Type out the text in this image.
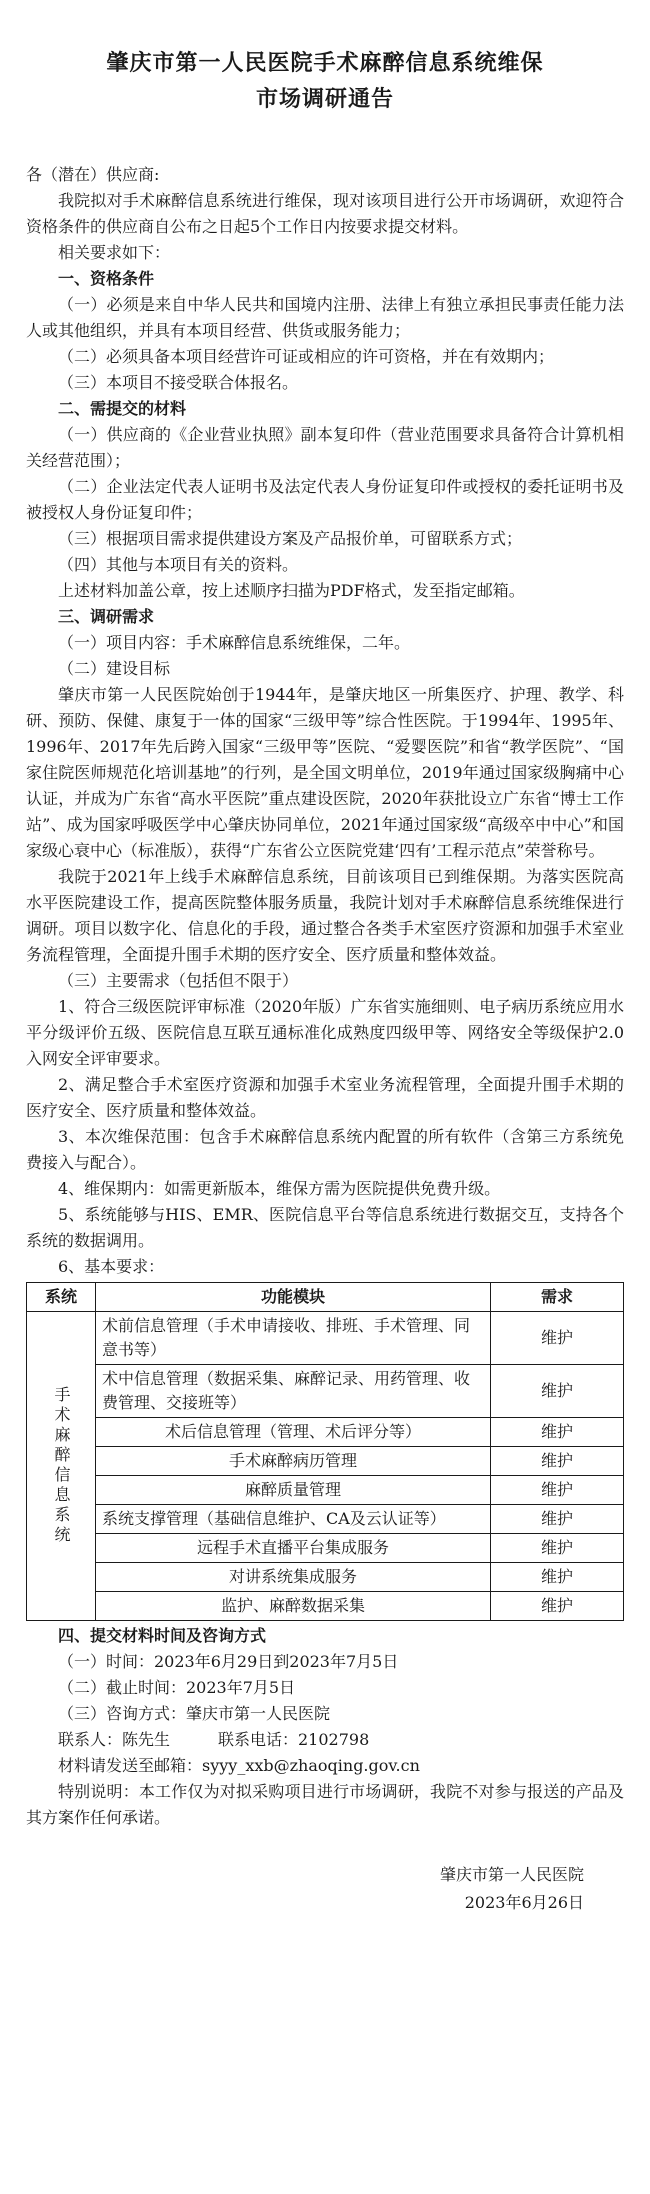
肇庆市第一人民医院手术麻醉信息系统维保
市场调研通告

各（潜在）供应商:

我院拟对手术麻醉信息系统进行维保，现对该项目进行公开市场调研，欢迎符合资格条件的供应商自公布之日起5个工作日内按要求提交材料。

相关要求如下：

一、资格条件

（一）必须是来自中华人民共和国境内注册、法律上有独立承担民事责任能力法人或其他组织，并具有本项目经营、供货或服务能力；

（二）必须具备本项目经营许可证或相应的许可资格，并在有效期内；

（三）本项目不接受联合体报名。

二、需提交的材料

（一）供应商的《企业营业执照》副本复印件（营业范围要求具备符合计算机相关经营范围）；

（二）企业法定代表人证明书及法定代表人身份证复印件或授权的委托证明书及被授权人身份证复印件；

（三）根据项目需求提供建设方案及产品报价单，可留联系方式；

（四）其他与本项目有关的资料。

上述材料加盖公章，按上述顺序扫描为PDF格式，发至指定邮箱。

三、调研需求

（一）项目内容：手术麻醉信息系统维保，二年。

（二）建设目标

肇庆市第一人民医院始创于1944年，是肇庆地区一所集医疗、护理、教学、科研、预防、保健、康复于一体的国家“三级甲等”综合性医院。于1994年、1995年、1996年、2017年先后跨入国家“三级甲等”医院、“爱婴医院”和省“教学医院”、“国家住院医师规范化培训基地”的行列，是全国文明单位，2019年通过国家级胸痛中心认证，并成为广东省“高水平医院”重点建设医院，2020年获批设立广东省“博士工作站”、成为国家呼吸医学中心肇庆协同单位，2021年通过国家级“高级卒中中心”和国家级心衰中心（标准版），获得“广东省公立医院党建‘四有’工程示范点”荣誉称号。

我院于2021年上线手术麻醉信息系统，目前该项目已到维保期。为落实医院高水平医院建设工作，提高医院整体服务质量，我院计划对手术麻醉信息系统维保进行调研。项目以数字化、信息化的手段，通过整合各类手术室医疗资源和加强手术室业务流程管理，全面提升围手术期的医疗安全、医疗质量和整体效益。

（三）主要需求（包括但不限于）

1、符合三级医院评审标准（2020年版）广东省实施细则、电子病历系统应用水平分级评价五级、医院信息互联互通标准化成熟度四级甲等、网络安全等级保护2.0入网安全评审要求。

2、满足整合手术室医疗资源和加强手术室业务流程管理，全面提升围手术期的医疗安全、医疗质量和整体效益。

3、本次维保范围：包含手术麻醉信息系统内配置的所有软件（含第三方系统免费接入与配合）。

4、维保期内：如需更新版本，维保方需为医院提供免费升级。

5、系统能够与HIS、EMR、医院信息平台等信息系统进行数据交互，支持各个系统的数据调用。

6、基本要求：

系统	功能模块	需求

手术麻醉信息系统	术前信息管理（手术申请接收、排班、手术管理、同意书等）	维护
	术中信息管理（数据采集、麻醉记录、用药管理、收费管理、交接班等）	维护
	术后信息管理（管理、术后评分等）	维护
	手术麻醉病历管理	维护
	麻醉质量管理	维护
	系统支撑管理（基础信息维护、CA及云认证等）	维护
	远程手术直播平台集成服务	维护
	对讲系统集成服务	维护
	监护、麻醉数据采集	维护

四、提交材料时间及咨询方式

（一）时间：2023年6月29日到2023年7月5日

（二）截止时间：2023年7月5日

（三）咨询方式：肇庆市第一人民医院

联系人：陈先生　　　联系电话：2102798

材料请发送至邮箱：syyy_xxb@zhaoqing.gov.cn

特别说明：本工作仅为对拟采购项目进行市场调研，我院不对参与报送的产品及其方案作任何承诺。

肇庆市第一人民医院
2023年6月26日
